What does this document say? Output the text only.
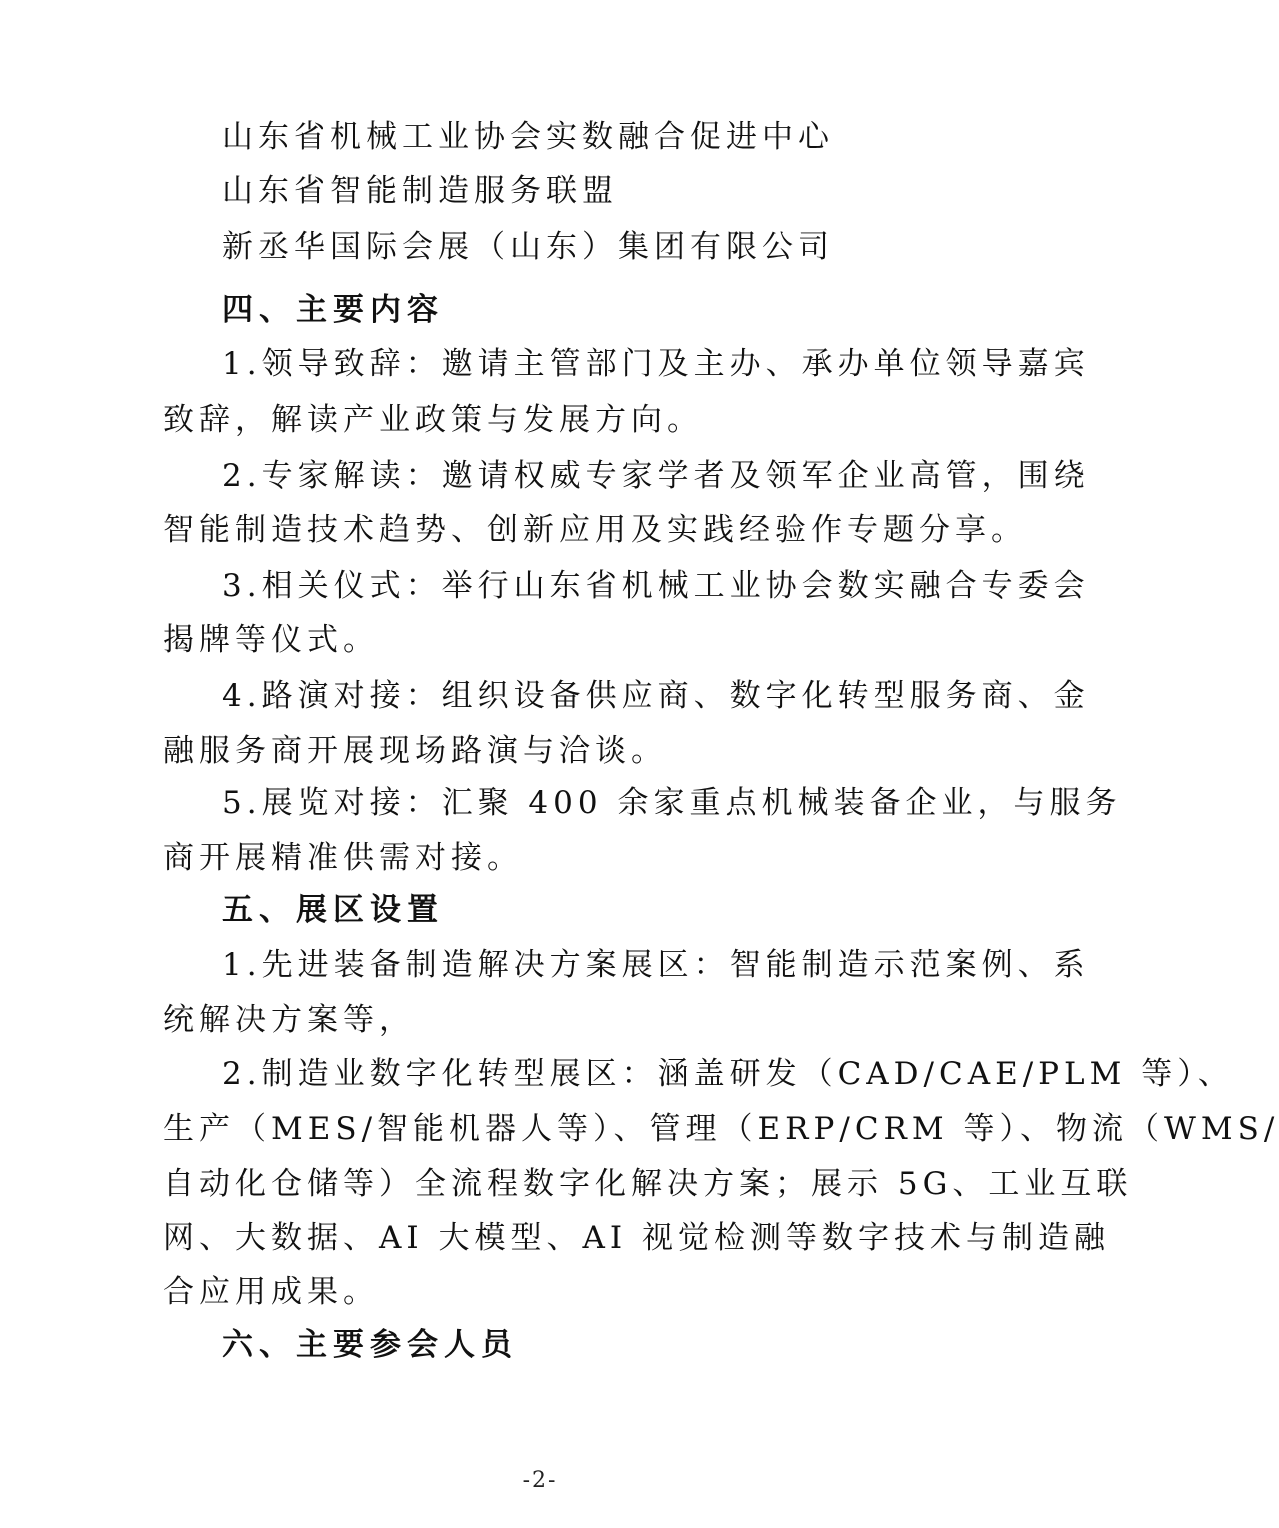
山东省机械工业协会实数融合促进中心
山东省智能制造服务联盟
新丞华国际会展（山东）集团有限公司
四、主要内容
1.领导致辞：邀请主管部门及主办、承办单位领导嘉宾
致辞，解读产业政策与发展方向。
2.专家解读：邀请权威专家学者及领军企业高管，围绕
智能制造技术趋势、创新应用及实践经验作专题分享。
3.相关仪式：举行山东省机械工业协会数实融合专委会
揭牌等仪式。
4.路演对接：组织设备供应商、数字化转型服务商、金
融服务商开展现场路演与洽谈。
5.展览对接：汇聚 400 余家重点机械装备企业，与服务
商开展精准供需对接。
五、展区设置
1.先进装备制造解决方案展区：智能制造示范案例、系
统解决方案等，
2.制造业数字化转型展区：涵盖研发（CAD/CAE/PLM 等）、
生产（MES/智能机器人等）、管理（ERP/CRM 等）、物流（WMS/
自动化仓储等）全流程数字化解决方案；展示 5G、工业互联
网、大数据、AI 大模型、AI 视觉检测等数字技术与制造融
合应用成果。
六、主要参会人员
-2-
